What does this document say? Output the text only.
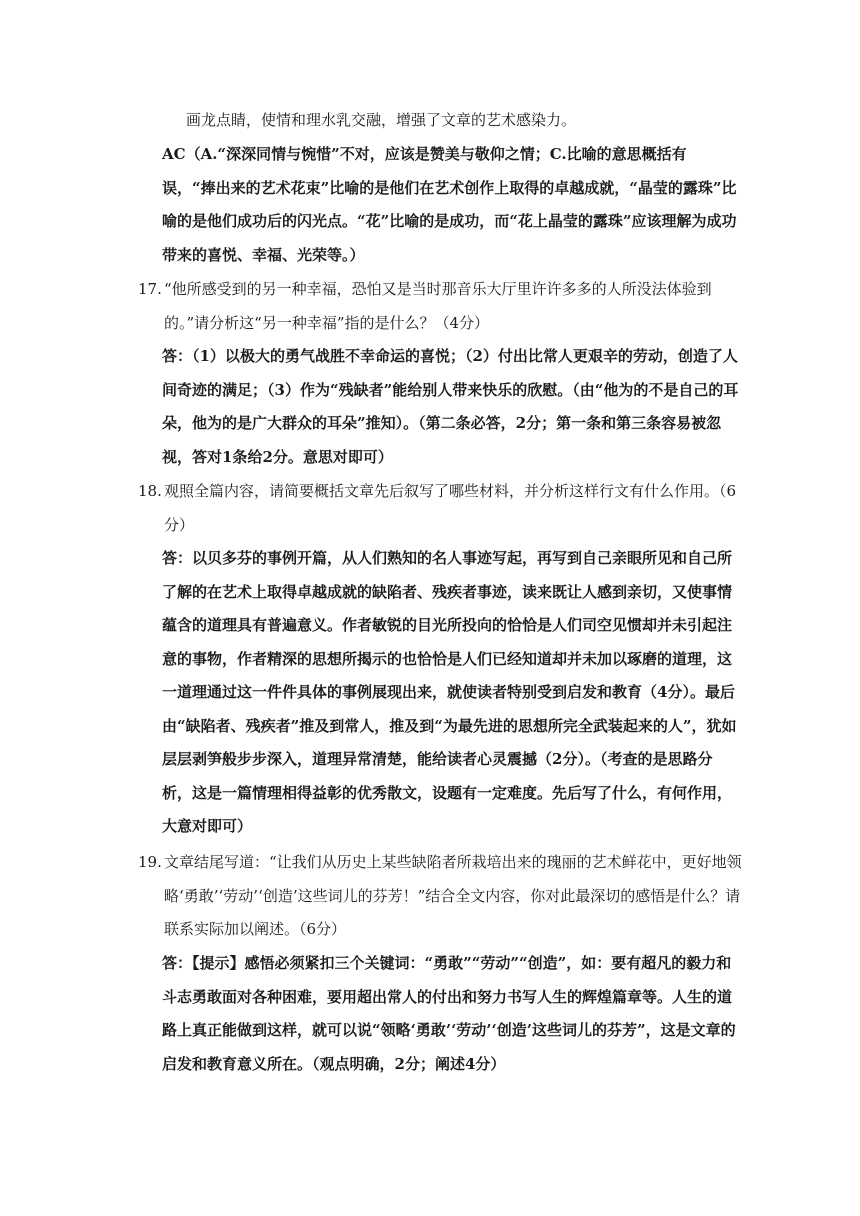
画龙点睛，使情和理水乳交融，增强了文章的艺术感染力。

AC（A.“深深同情与惋惜”不对，应该是赞美与敬仰之情；C.比喻的意思概括有误，“捧出来的艺术花束”比喻的是他们在艺术创作上取得的卓越成就，“晶莹的露珠”比喻的是他们成功后的闪光点。“花”比喻的是成功，而“花上晶莹的露珠”应该理解为成功带来的喜悦、幸福、光荣等。）

17. “他所感受到的另一种幸福，恐怕又是当时那音乐大厅里许许多多的人所没法体验到的。”请分析这“另一种幸福”指的是什么？（4分）

答：（1）以极大的勇气战胜不幸命运的喜悦；（2）付出比常人更艰辛的劳动，创造了人间奇迹的满足；（3）作为“残缺者”能给别人带来快乐的欣慰。（由“他为的不是自己的耳朵，他为的是广大群众的耳朵”推知）。（第二条必答，2分；第一条和第三条容易被忽视，答对1条给2分。意思对即可）

18. 观照全篇内容，请简要概括文章先后叙写了哪些材料，并分析这样行文有什么作用。（6分）

答：以贝多芬的事例开篇，从人们熟知的名人事迹写起，再写到自己亲眼所见和自己所了解的在艺术上取得卓越成就的缺陷者、残疾者事迹，读来既让人感到亲切，又使事情蕴含的道理具有普遍意义。作者敏锐的目光所投向的恰恰是人们司空见惯却并未引起注意的事物，作者精深的思想所揭示的也恰恰是人们已经知道却并未加以琢磨的道理，这一道理通过这一件件具体的事例展现出来，就使读者特别受到启发和教育（4分）。最后由“缺陷者、残疾者”推及到常人，推及到“为最先进的思想所完全武装起来的人”，犹如层层剥笋般步步深入，道理异常清楚，能给读者心灵震撼（2分）。（考查的是思路分析，这是一篇情理相得益彰的优秀散文，设题有一定难度。先后写了什么，有何作用，大意对即可）

19. 文章结尾写道：“让我们从历史上某些缺陷者所栽培出来的瑰丽的艺术鲜花中，更好地领略‘勇敢’‘劳动’‘创造’这些词儿的芬芳！”结合全文内容，你对此最深切的感悟是什么？请联系实际加以阐述。（6分）

答：【提示】感悟必须紧扣三个关键词：“勇敢”“劳动”“创造”，如：要有超凡的毅力和斗志勇敢面对各种困难，要用超出常人的付出和努力书写人生的辉煌篇章等。人生的道路上真正能做到这样，就可以说“领略‘勇敢’‘劳动’‘创造’这些词儿的芬芳”，这是文章的启发和教育意义所在。（观点明确，2分；阐述4分）
